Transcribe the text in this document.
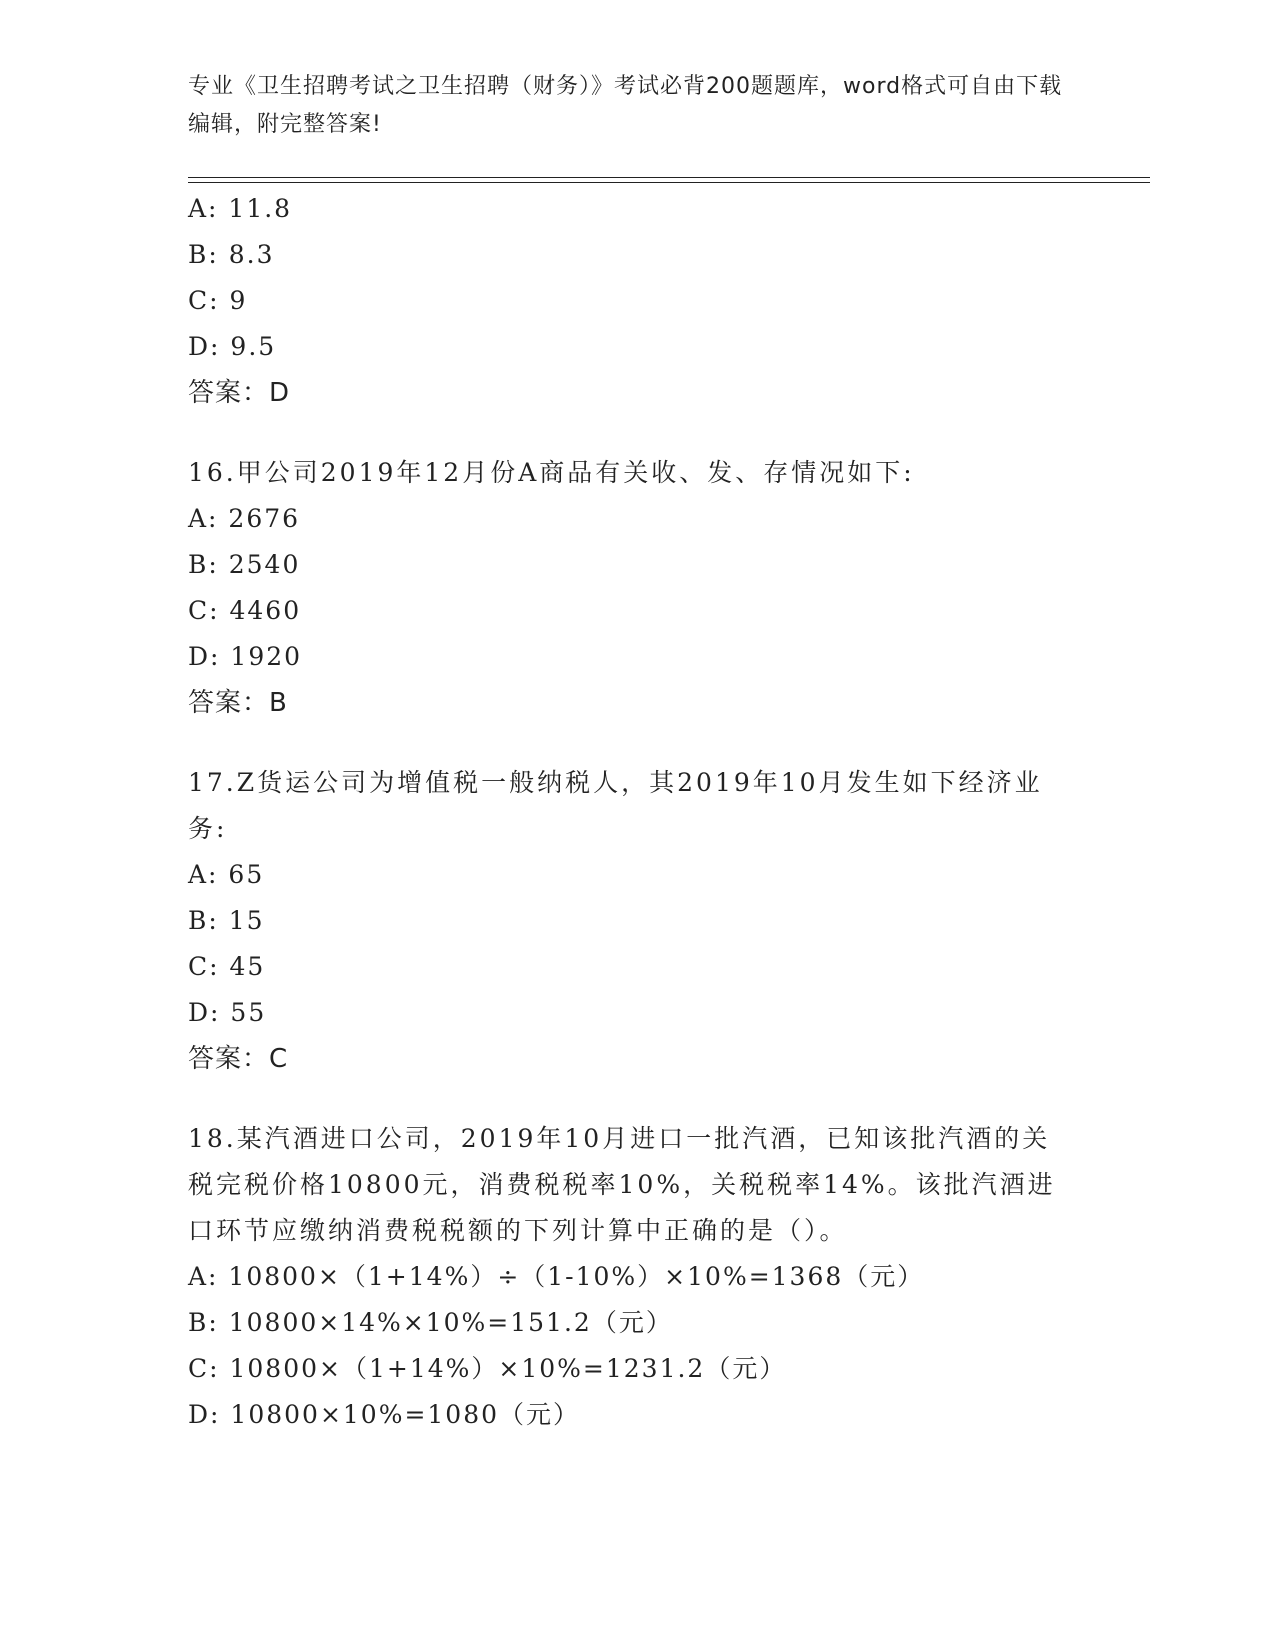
专业《卫生招聘考试之卫生招聘（财务）》考试必背200题题库，word格式可自由下载编辑，附完整答案!
A: 11.8
B: 8.3
C: 9
D: 9.5
答案：D
16.甲公司2019年12月份A商品有关收、发、存情况如下:
A: 2676
B: 2540
C: 4460
D: 1920
答案：B
17.Z货运公司为增值税一般纳税人，其2019年10月发生如下经济业务:
A: 65
B: 15
C: 45
D: 55
答案：C
18.某汽酒进口公司，2019年10月进口一批汽酒，已知该批汽酒的关税完税价格10800元，消费税税率10%，关税税率14%。该批汽酒进口环节应缴纳消费税税额的下列计算中正确的是（）。
A: 10800×（1+14%）÷（1-10%）×10%=1368（元）
B: 10800×14%×10%=151.2（元）
C: 10800×（1+14%）×10%=1231.2（元）
D: 10800×10%=1080（元）
